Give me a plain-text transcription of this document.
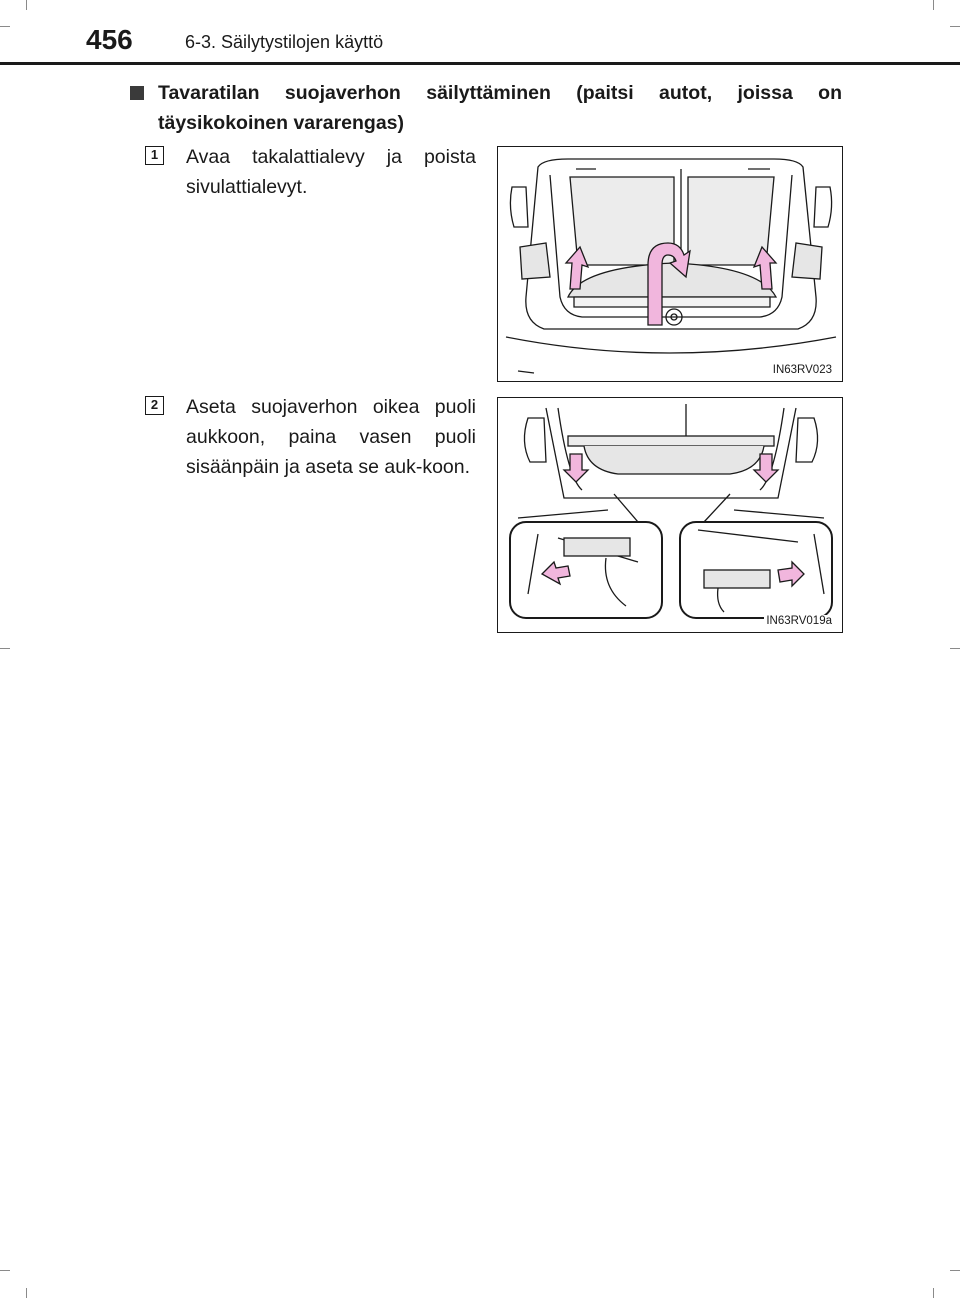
456	6-3. Säilytystilojen käyttö
Tavaratilan suojaverhon säilyttäminen (paitsi autot, joissa on täysikokoinen vararengas)
1	Avaa takalattialevy ja poista sivulattialevyt.
IN63RV023
2	Aseta suojaverhon oikea puoli aukkoon, paina vasen puoli sisäänpäin ja aseta se auk-koon.
IN63RV019a
